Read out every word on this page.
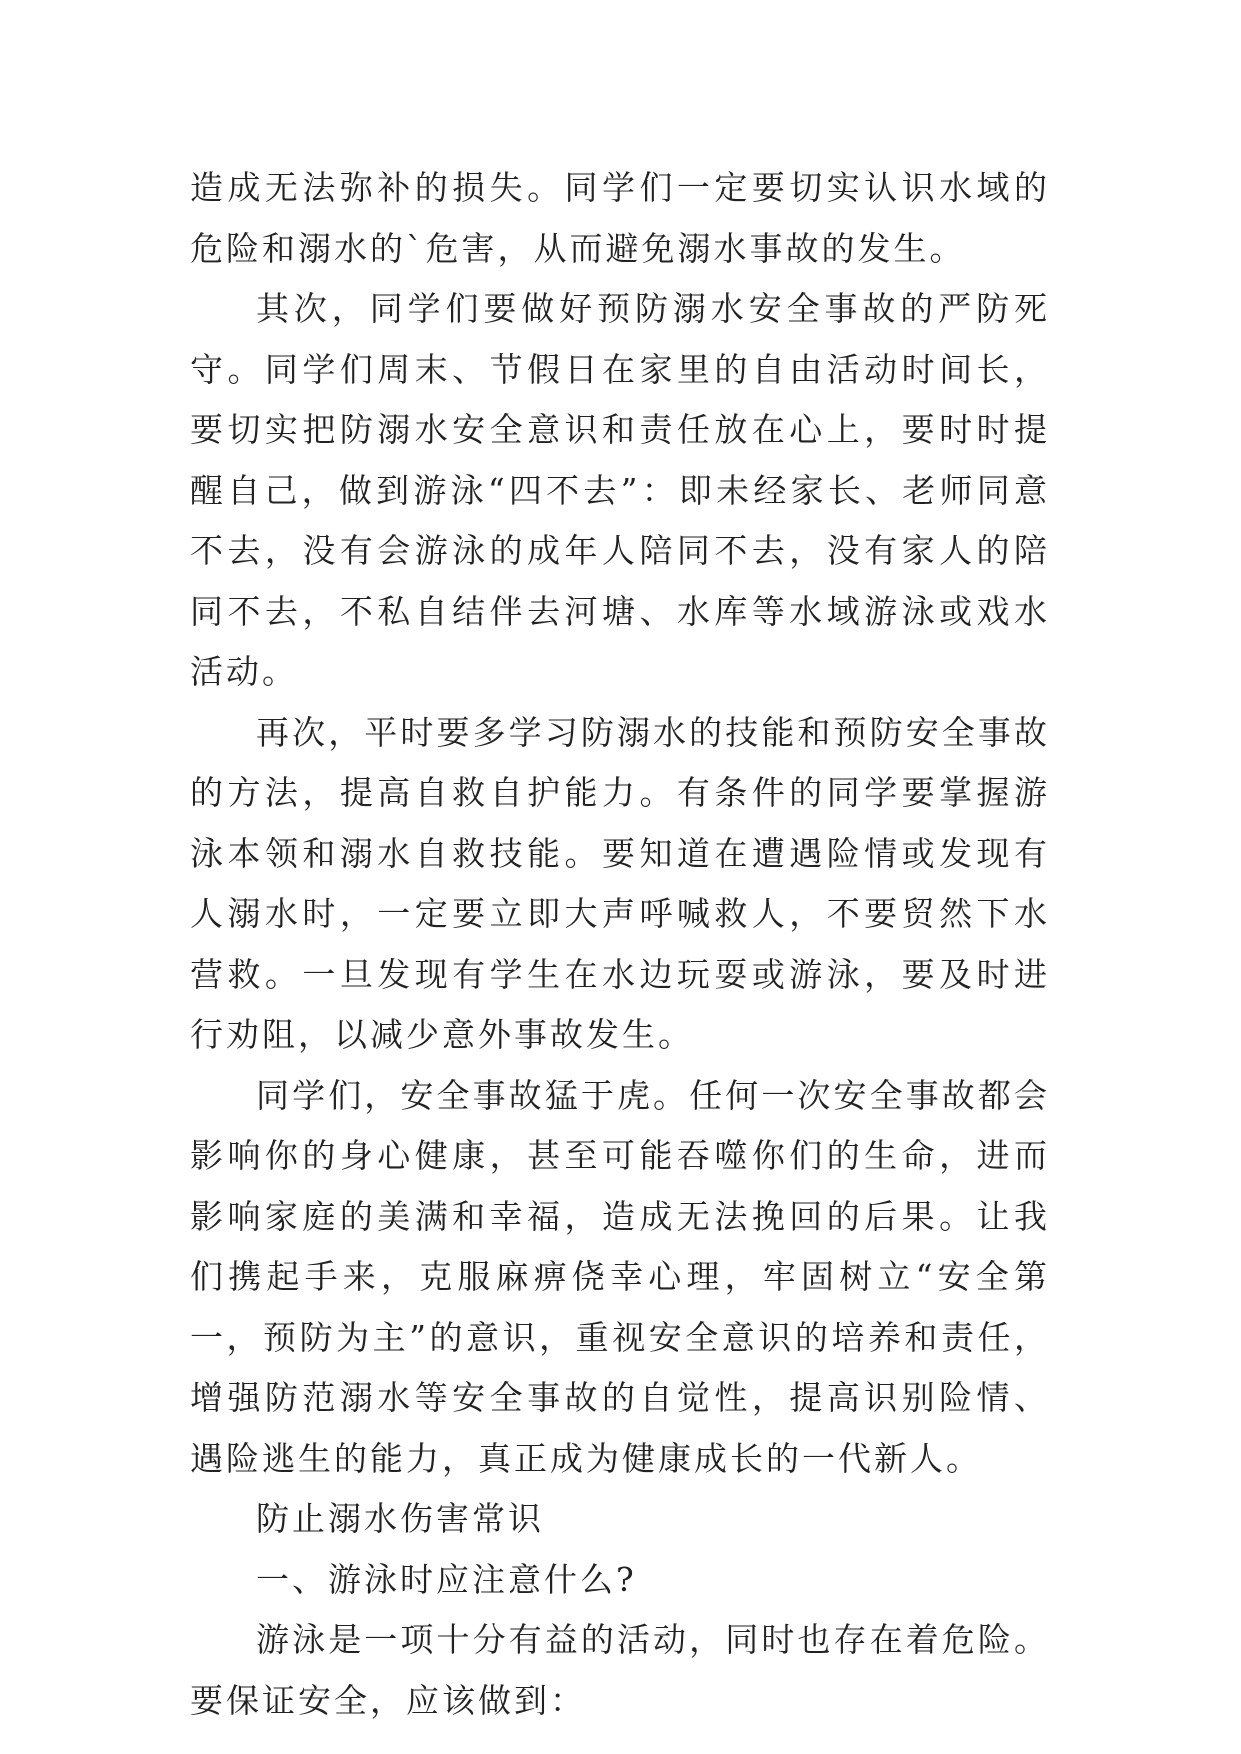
造成无法弥补的损失。同学们一定要切实认识水域的危险和溺水的`危害，从而避免溺水事故的发生。

其次，同学们要做好预防溺水安全事故的严防死守。同学们周末、节假日在家里的自由活动时间长，要切实把防溺水安全意识和责任放在心上，要时时提醒自己，做到游泳“四不去”：即未经家长、老师同意不去，没有会游泳的成年人陪同不去，没有家人的陪同不去，不私自结伴去河塘、水库等水域游泳或戏水活动。

再次，平时要多学习防溺水的技能和预防安全事故的方法，提高自救自护能力。有条件的同学要掌握游泳本领和溺水自救技能。要知道在遭遇险情或发现有人溺水时，一定要立即大声呼喊救人，不要贸然下水营救。一旦发现有学生在水边玩耍或游泳，要及时进行劝阻，以减少意外事故发生。

同学们，安全事故猛于虎。任何一次安全事故都会影响你的身心健康，甚至可能吞噬你们的生命，进而影响家庭的美满和幸福，造成无法挽回的后果。让我们携起手来，克服麻痹侥幸心理，牢固树立“安全第一，预防为主”的意识，重视安全意识的培养和责任，增强防范溺水等安全事故的自觉性，提高识别险情、遇险逃生的能力，真正成为健康成长的一代新人。

防止溺水伤害常识

一、游泳时应注意什么?

游泳是一项十分有益的活动，同时也存在着危险。要保证安全，应该做到：
